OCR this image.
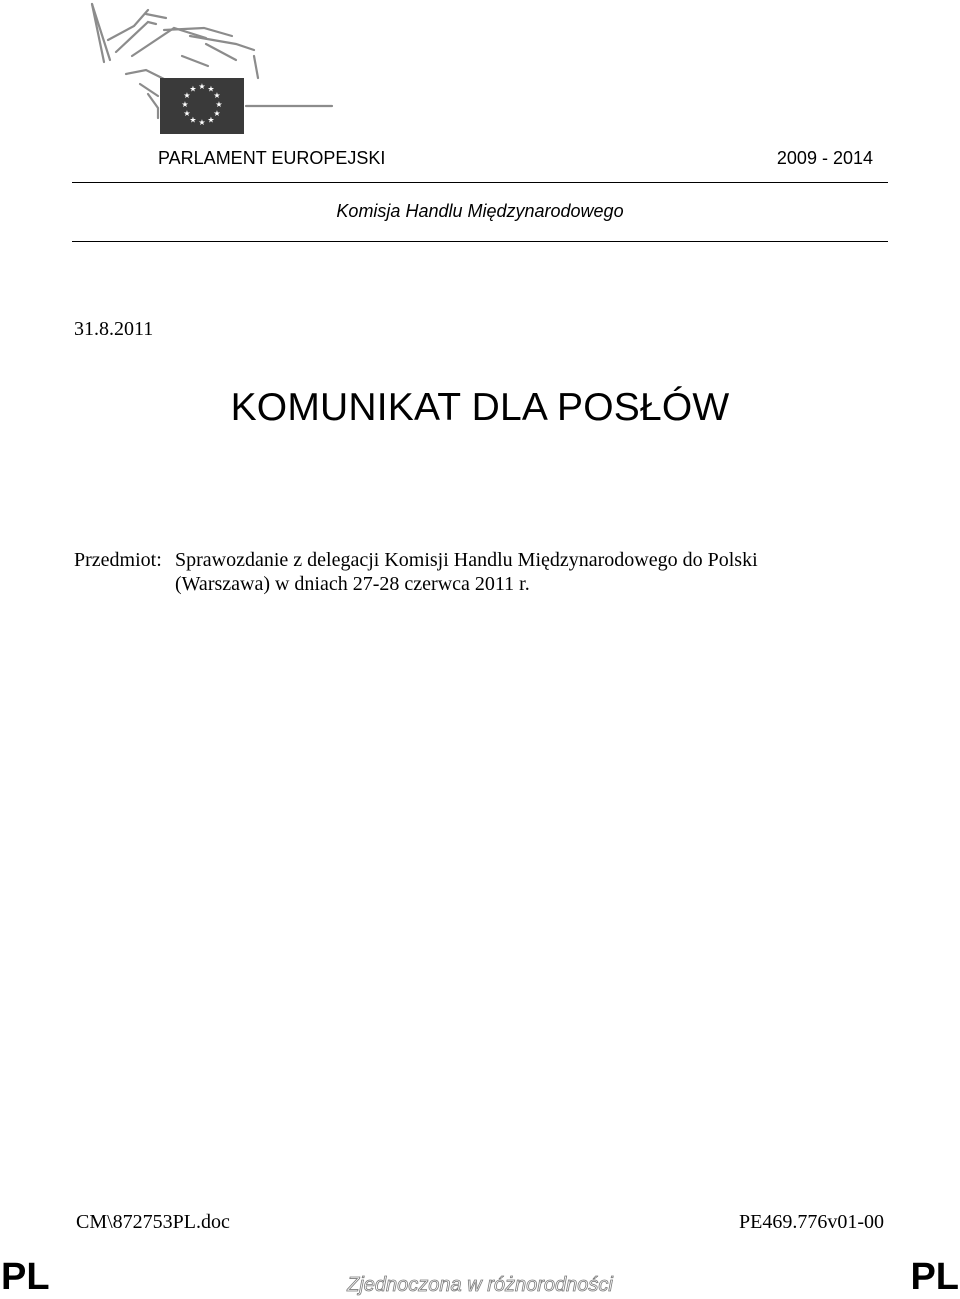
★ ★
★
★
★
★
★
★
★
★
★
★
PARLAMENT EUROPEJSKI	2009 - 2014
Komisja Handlu Międzynarodowego
31.8.2011
KOMUNIKAT DLA POSŁÓW
Przedmiot: Sprawozdanie z delegacji Komisji Handlu Międzynarodowego do Polski
(Warszawa) w dniach 27-28 czerwca 2011 r.
CM\872753PL.doc	PE469.776v01-00
PL	Zjednoczona w różnorodności	PL
